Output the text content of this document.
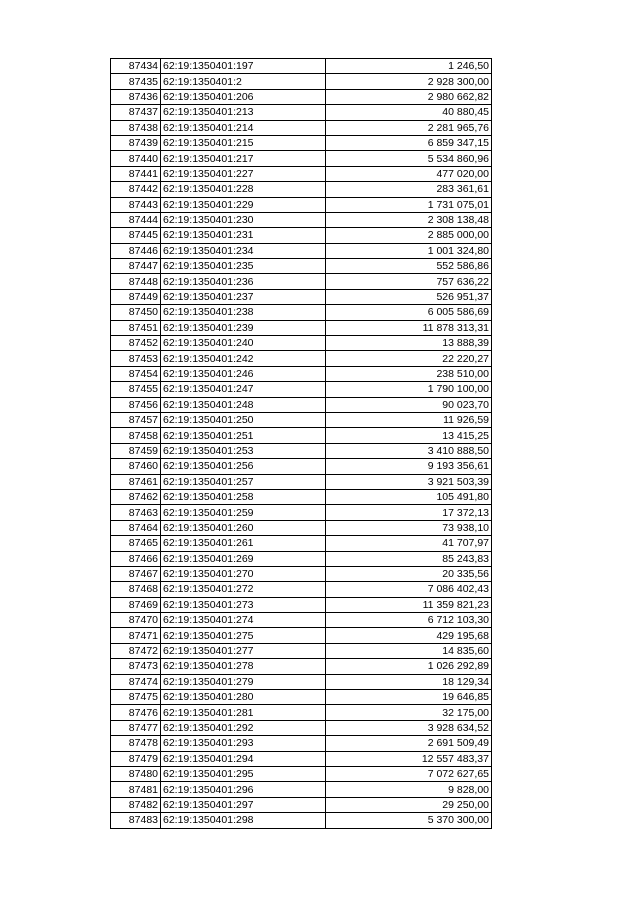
87434	62:19:1350401:197	1 246,50
87435	62:19:1350401:2	2 928 300,00
87436	62:19:1350401:206	2 980 662,82
87437	62:19:1350401:213	40 880,45
87438	62:19:1350401:214	2 281 965,76
87439	62:19:1350401:215	6 859 347,15
87440	62:19:1350401:217	5 534 860,96
87441	62:19:1350401:227	477 020,00
87442	62:19:1350401:228	283 361,61
87443	62:19:1350401:229	1 731 075,01
87444	62:19:1350401:230	2 308 138,48
87445	62:19:1350401:231	2 885 000,00
87446	62:19:1350401:234	1 001 324,80
87447	62:19:1350401:235	552 586,86
87448	62:19:1350401:236	757 636,22
87449	62:19:1350401:237	526 951,37
87450	62:19:1350401:238	6 005 586,69
87451	62:19:1350401:239	11 878 313,31
87452	62:19:1350401:240	13 888,39
87453	62:19:1350401:242	22 220,27
87454	62:19:1350401:246	238 510,00
87455	62:19:1350401:247	1 790 100,00
87456	62:19:1350401:248	90 023,70
87457	62:19:1350401:250	11 926,59
87458	62:19:1350401:251	13 415,25
87459	62:19:1350401:253	3 410 888,50
87460	62:19:1350401:256	9 193 356,61
87461	62:19:1350401:257	3 921 503,39
87462	62:19:1350401:258	105 491,80
87463	62:19:1350401:259	17 372,13
87464	62:19:1350401:260	73 938,10
87465	62:19:1350401:261	41 707,97
87466	62:19:1350401:269	85 243,83
87467	62:19:1350401:270	20 335,56
87468	62:19:1350401:272	7 086 402,43
87469	62:19:1350401:273	11 359 821,23
87470	62:19:1350401:274	6 712 103,30
87471	62:19:1350401:275	429 195,68
87472	62:19:1350401:277	14 835,60
87473	62:19:1350401:278	1 026 292,89
87474	62:19:1350401:279	18 129,34
87475	62:19:1350401:280	19 646,85
87476	62:19:1350401:281	32 175,00
87477	62:19:1350401:292	3 928 634,52
87478	62:19:1350401:293	2 691 509,49
87479	62:19:1350401:294	12 557 483,37
87480	62:19:1350401:295	7 072 627,65
87481	62:19:1350401:296	9 828,00
87482	62:19:1350401:297	29 250,00
87483	62:19:1350401:298	5 370 300,00
